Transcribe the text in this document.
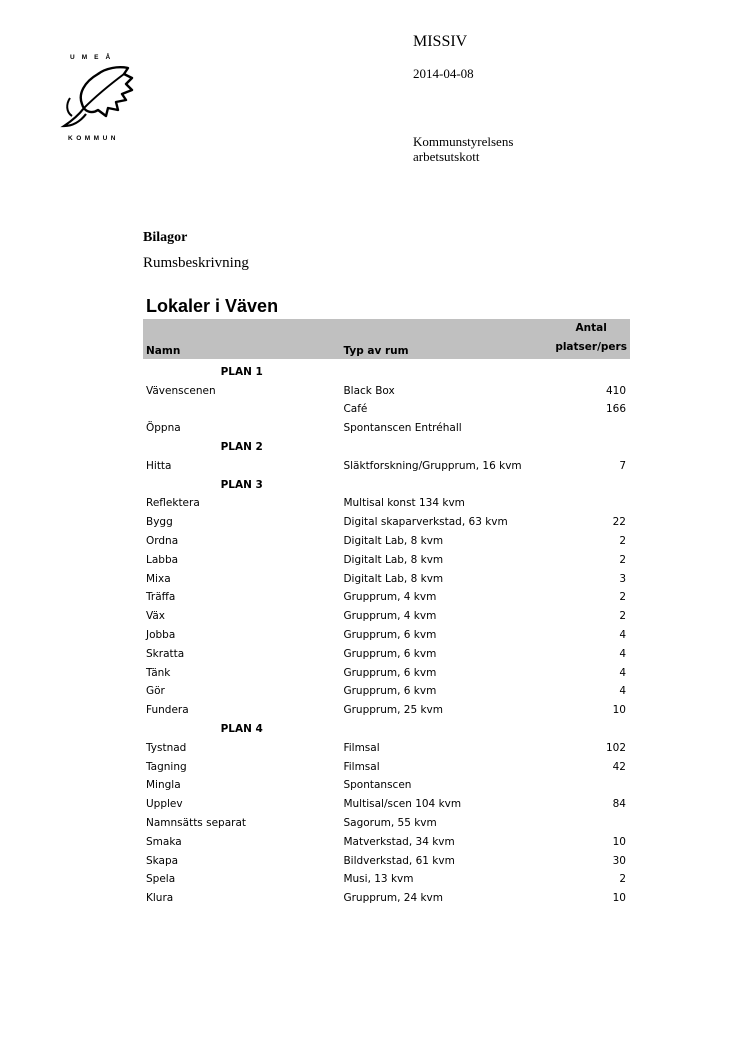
UMEÅ
KOMMUN
MISSIV
2014-04-08
Kommunstyrelsens arbetsutskott
Bilagor
Rumsbeskrivning
Lokaler i Väven
Namn	Typ av rum	Antal
platser/pers
PLAN 1		
Vävenscenen	Black Box	410
	Café	166
Öppna	Spontanscen Entréhall	
PLAN 2		
Hitta	Släktforskning/Grupprum, 16 kvm	7
PLAN 3		
Reflektera	Multisal konst 134 kvm	
Bygg	Digital skaparverkstad, 63 kvm	22
Ordna	Digitalt Lab, 8 kvm	2
Labba	Digitalt Lab, 8 kvm	2
Mixa	Digitalt Lab, 8 kvm	3
Träffa	Grupprum, 4 kvm	2
Väx	Grupprum, 4 kvm	2
Jobba	Grupprum, 6 kvm	4
Skratta	Grupprum, 6 kvm	4
Tänk	Grupprum, 6 kvm	4
Gör	Grupprum, 6 kvm	4
Fundera	Grupprum, 25 kvm	10
PLAN 4		
Tystnad	Filmsal	102
Tagning	Filmsal	42
Mingla	Spontanscen	
Upplev	Multisal/scen 104 kvm	84
Namnsätts separat	Sagorum, 55 kvm	
Smaka	Matverkstad, 34 kvm	10
Skapa	Bildverkstad, 61 kvm	30
Spela	Musi, 13 kvm	2
Klura	Grupprum, 24 kvm	10
